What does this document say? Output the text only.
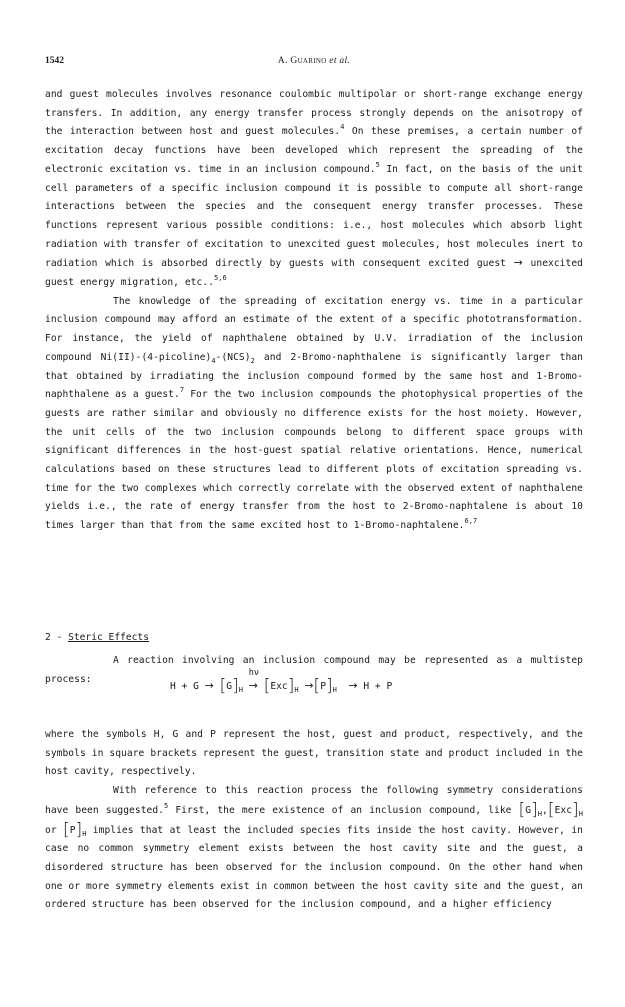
1542	A. Guarino et al.

and guest molecules involves resonance coulombic multipolar or short-range exchange energy transfers. In addition, any energy transfer process strongly depends on the anisotropy of the interaction between host and guest molecules.$^4$ On these premises, a certain number of excitation decay functions have been developed which represent the spreading of the electronic excitation vs. time in an inclusion compound.$^5$ In fact, on the basis of the unit cell parameters of a specific inclusion compound it is possible to compute all short-range interactions between the species and the consequent energy transfer processes. These functions represent various possible conditions: i.e., host molecules which absorb light radiation with transfer of excitation to unexcited guest molecules, host molecules inert to radiation which is absorbed directly by guests with consequent excited guest → unexcited guest energy migration, etc..$^{5,6}$

The knowledge of the spreading of excitation energy vs. time in a particular inclusion compound may afford an estimate of the extent of a specific phototransformation. For instance, the yield of naphthalene obtained by U.V. irradiation of the inclusion compound $Ni(II)-(4-picoline)_4-(NCS)_2$ and 2-Bromo-naphthalene is significantly larger than that obtained by irradiating the inclusion compound formed by the same host and 1-Bromo-naphthalene as a guest.$^7$ For the two inclusion compounds the photophysical properties of the guests are rather similar and obviously no difference exists for the host moiety. However, the unit cells of the two inclusion compounds belong to different space groups with significant differences in the host-guest spatial relative orientations. Hence, numerical calculations based on these structures lead to different plots of excitation spreading vs. time for the two complexes which correctly correlate with the observed extent of naphthalene yields i.e., the rate of energy transfer from the host to 2-Bromo-naphtalene is about 10 times larger than that from the same excited host to 1-Bromo-naphtalene.$^{6,7}$

2 - Steric Effects

A reaction involving an inclusion compound may be represented as a multistep process:

$H + G \to [G]_H$
hν
→ $[Exc]_H \to[P]_H \to H + P$

where the symbols H, G and P represent the host, guest and product, respectively, and the symbols in square brackets represent the guest, transition state and product included in the host cavity, respectively.

With reference to this reaction process the following symmetry considerations have been suggested.$^5$ First, the mere existence of an inclusion compound, like $[G]_H,[Exc]_H$ or $[P]_H$ implies that at least the included species fits inside the host cavity. However, in case no common symmetry element exists between the host cavity site and the guest, a disordered structure has been observed for the inclusion compound. On the other hand when one or more symmetry elements exist in common between the host cavity site and the guest, an ordered structure has been observed for the inclusion compound, and a higher efficiency
